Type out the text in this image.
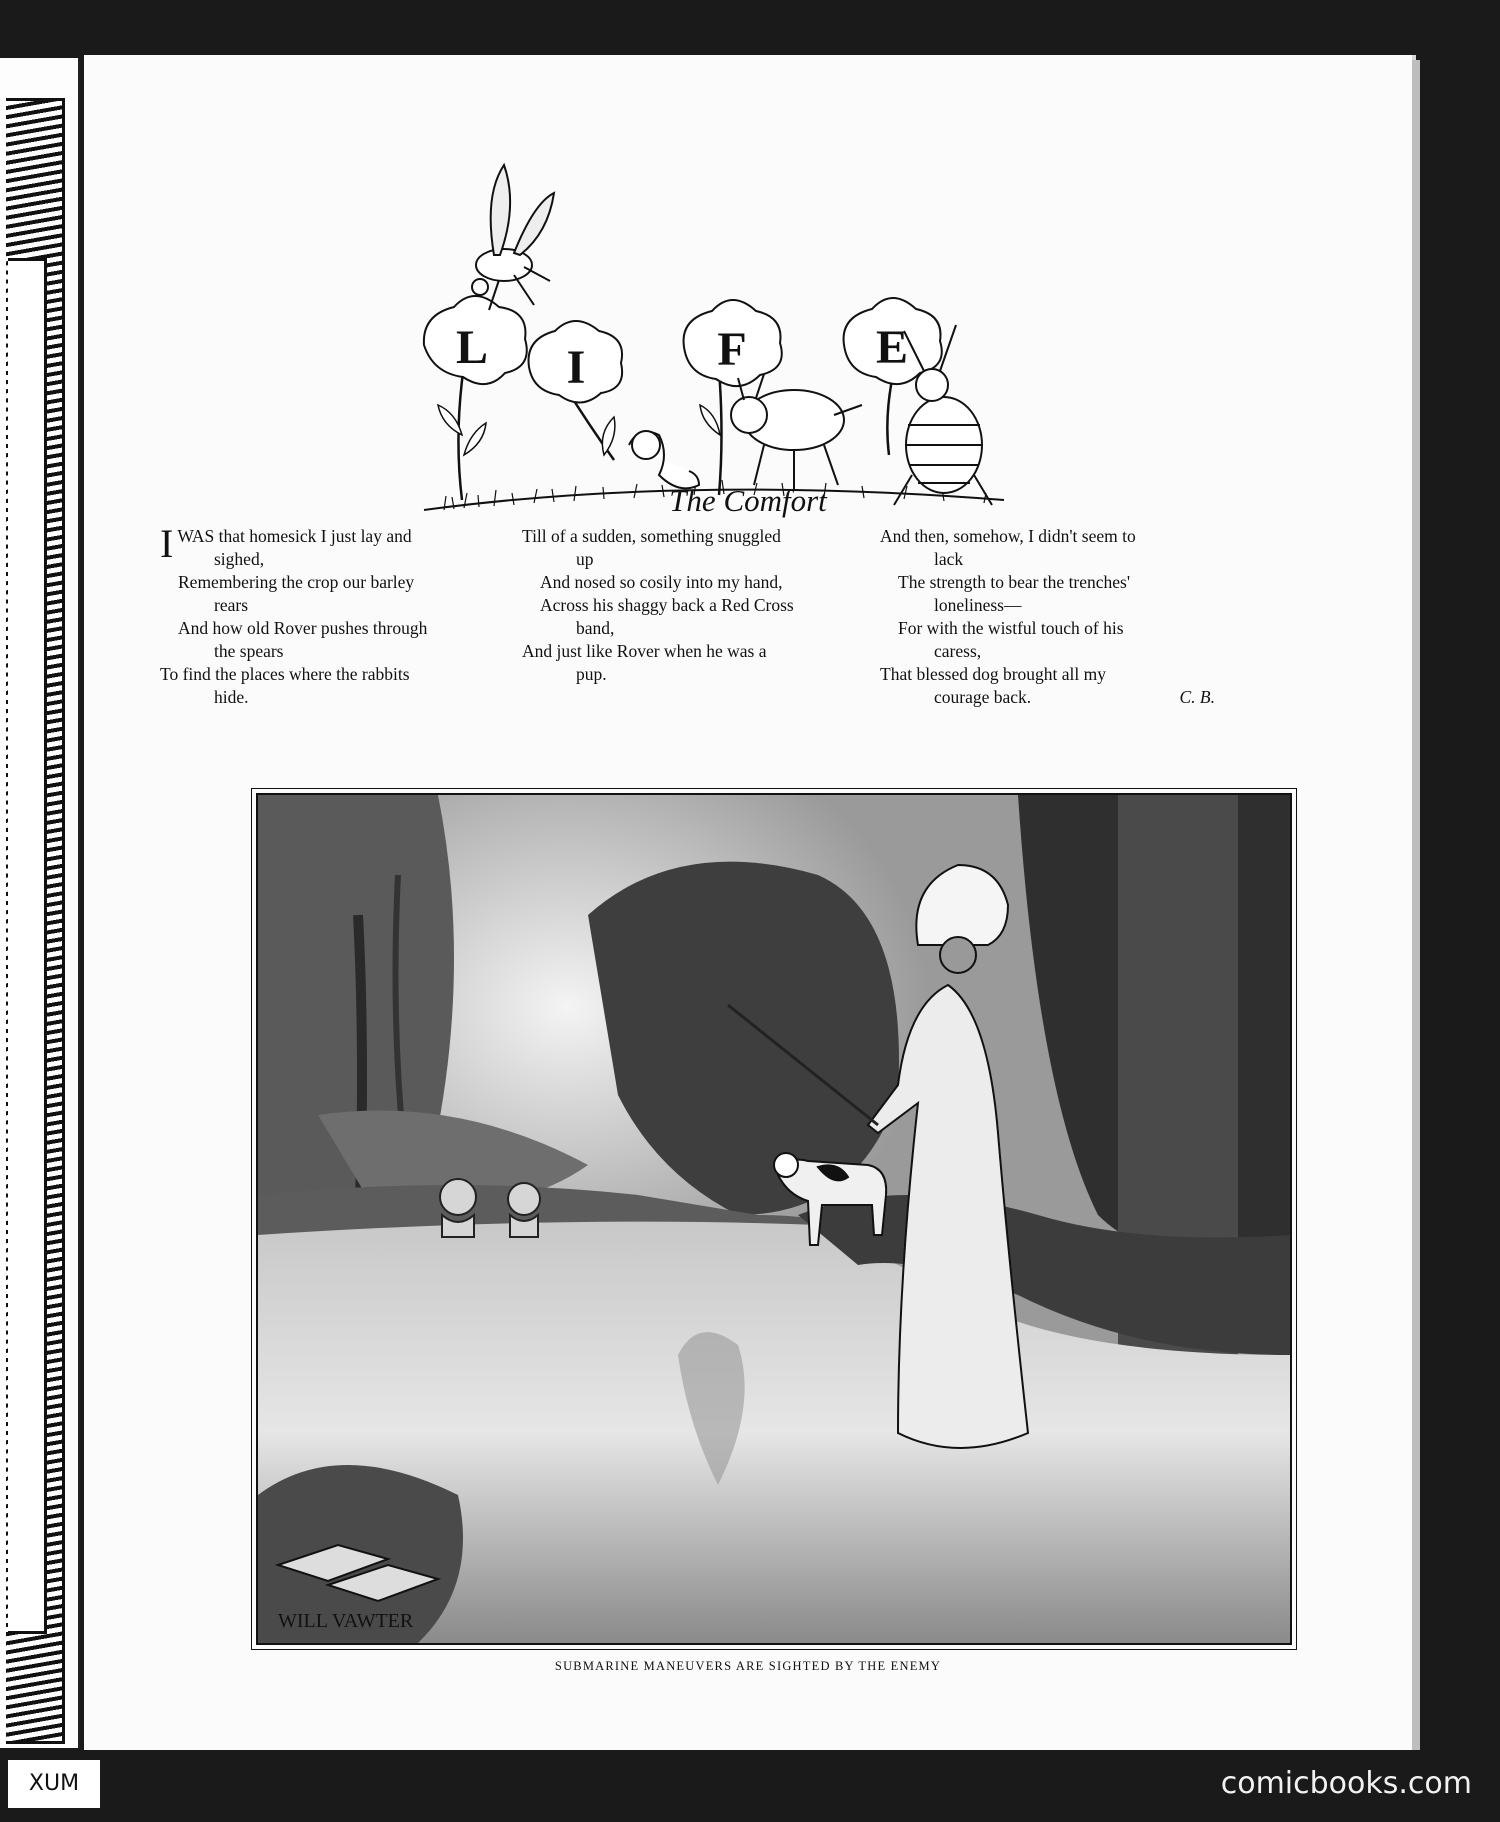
L I	F	E
The Comfort
I WAS that homesick I just lay and
sighed,
Remembering the crop our barley
rears
And how old Rover pushes through
the spears
To find the places where the rabbits
hide.
Till of a sudden, something snuggled
up
And nosed so cosily into my hand,
Across his shaggy back a Red Cross
band,
And just like Rover when he was a
pup.
And then, somehow, I didn't seem to
lack
The strength to bear the trenches'
loneliness—
For with the wistful touch of his
caress,
That blessed dog brought all my
courage back.	C. B.
WILL VAWTER
SUBMARINE MANEUVERS ARE SIGHTED BY THE ENEMY
XUM	comicbooks.com
